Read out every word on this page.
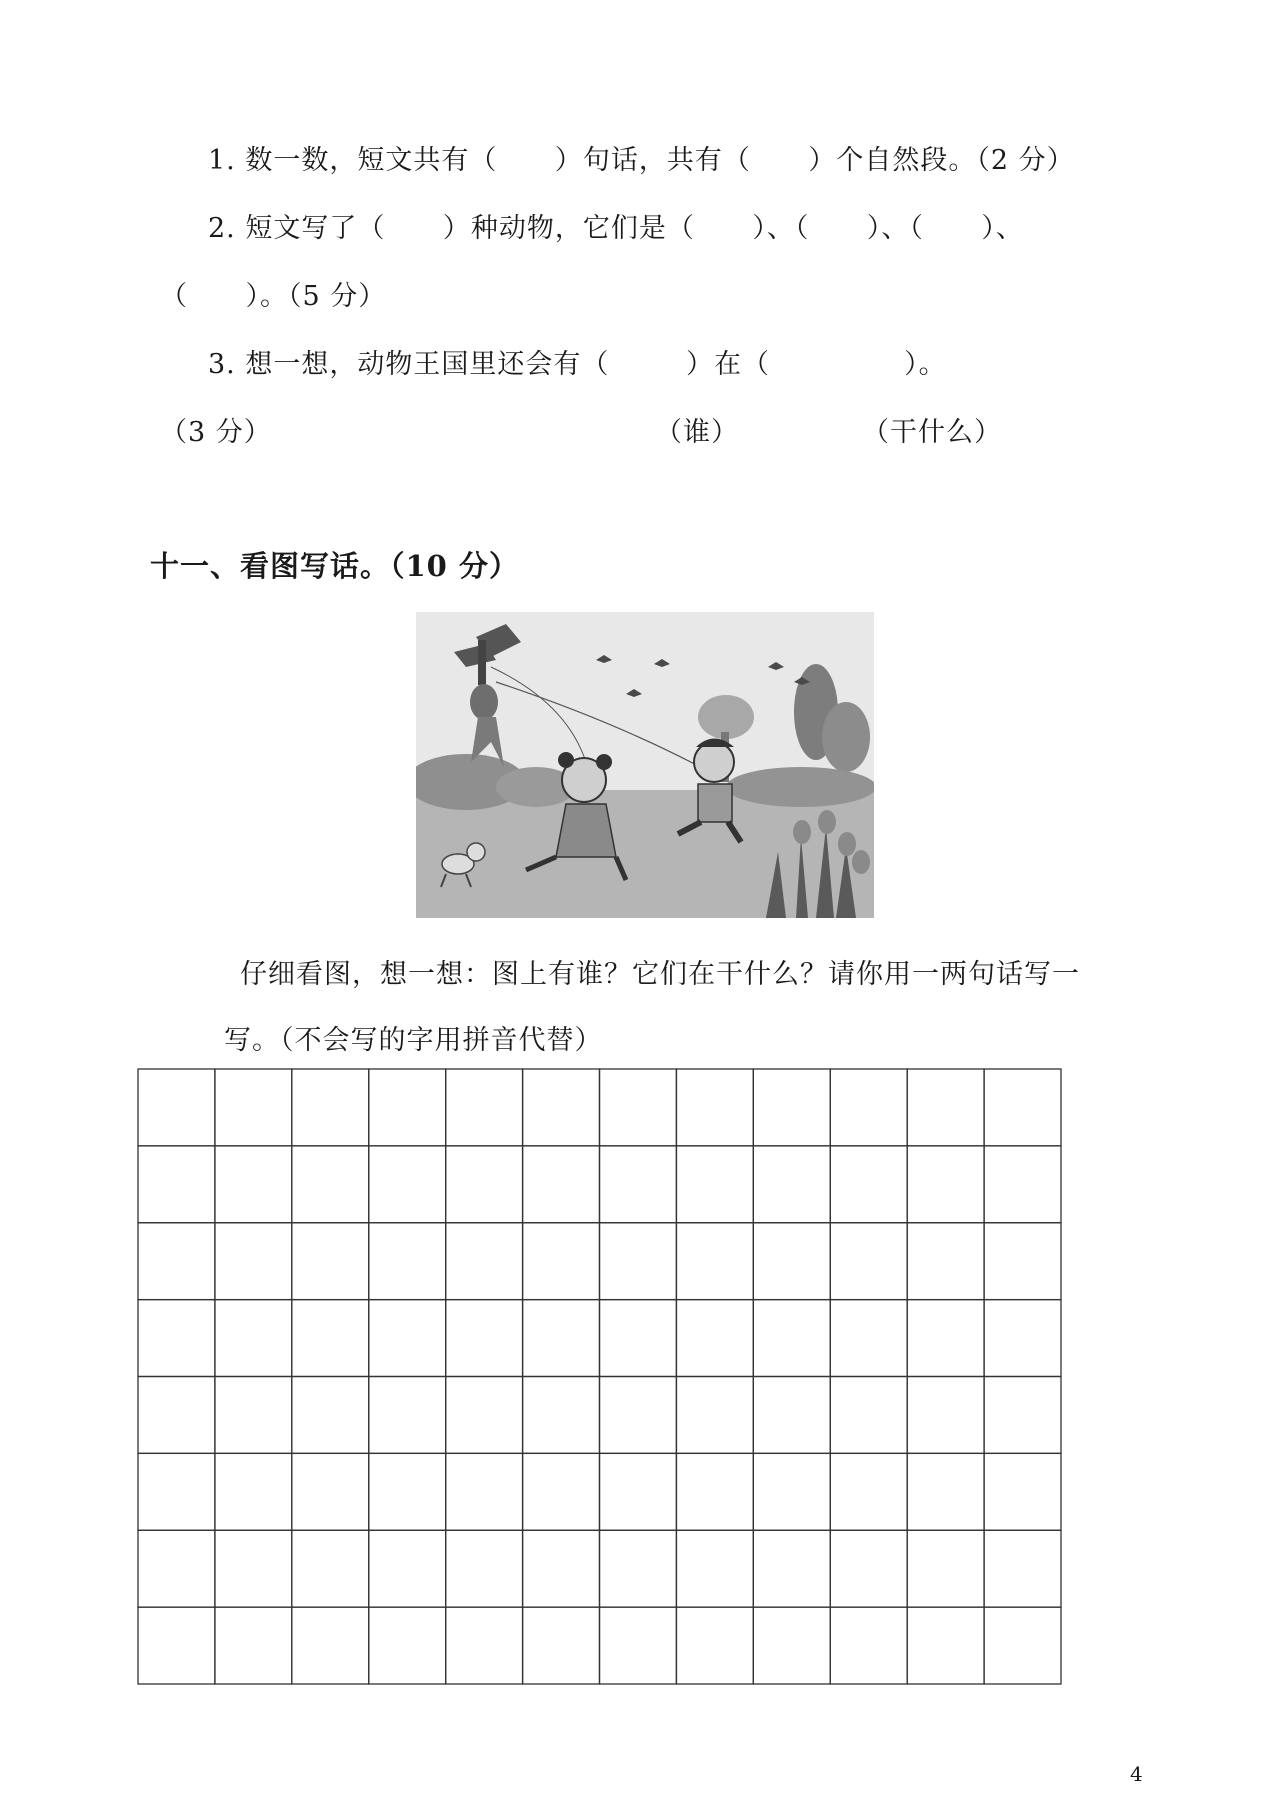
1. 数一数，短文共有（      ）句话，共有（      ）个自然段。（2 分）
2. 短文写了（      ）种动物，它们是（      ）、（      ）、（      ）、
（      ）。（5 分）
3. 想一想，动物王国里还会有（        ）在（              ）。
（3 分）	（谁）	（干什么）
十一、看图写话。（10 分）
仔细看图，想一想：图上有谁？它们在干什么？请你用一两句话写一
写。（不会写的字用拼音代替）
4
